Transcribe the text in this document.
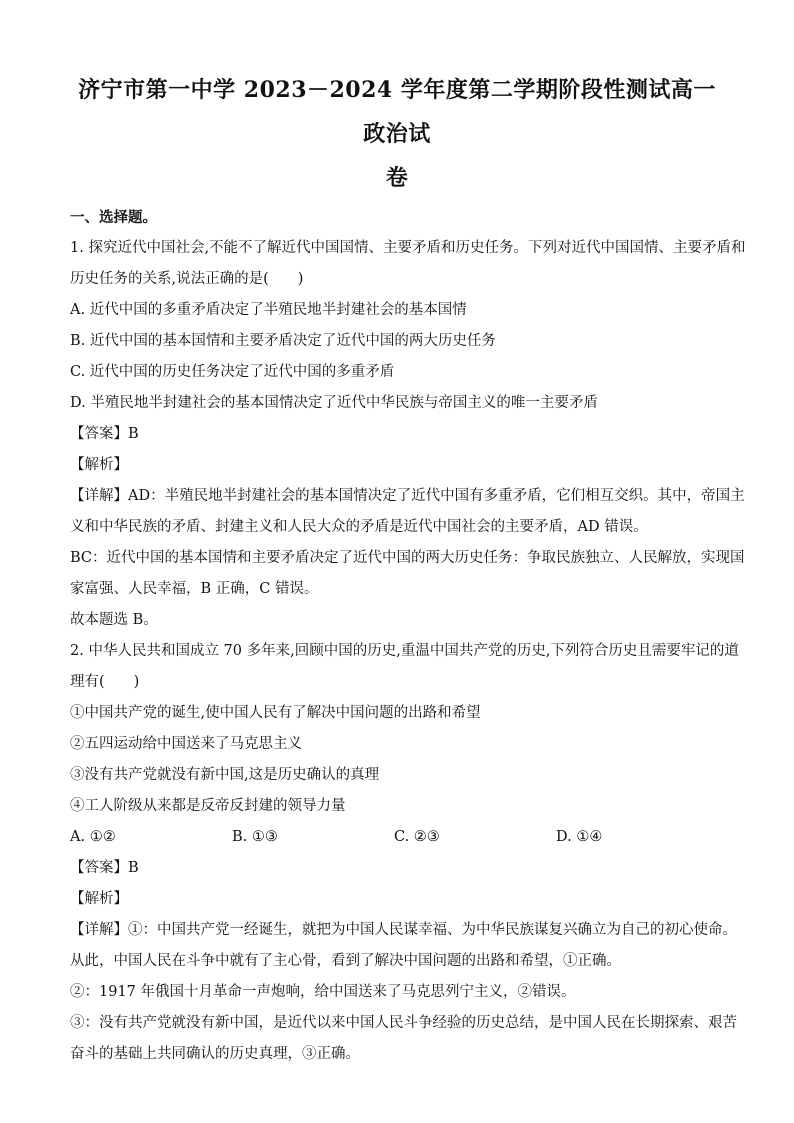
济宁市第一中学 2023－2024 学年度第二学期阶段性测试高一政治试
卷

一、选择题。

1. 探究近代中国社会,不能不了解近代中国国情、主要矛盾和历史任务。下列对近代中国国情、主要矛盾和

历史任务的关系,说法正确的是(　　)

A. 近代中国的多重矛盾决定了半殖民地半封建社会的基本国情

B. 近代中国的基本国情和主要矛盾决定了近代中国的两大历史任务

C. 近代中国的历史任务决定了近代中国的多重矛盾

D. 半殖民地半封建社会的基本国情决定了近代中华民族与帝国主义的唯一主要矛盾

【答案】B

【解析】

【详解】AD：半殖民地半封建社会的基本国情决定了近代中国有多重矛盾，它们相互交织。其中，帝国主

义和中华民族的矛盾、封建主义和人民大众的矛盾是近代中国社会的主要矛盾，AD 错误。

BC：近代中国的基本国情和主要矛盾决定了近代中国的两大历史任务：争取民族独立、人民解放，实现国

家富强、人民幸福，B 正确，C 错误。

故本题选 B。

2. 中华人民共和国成立 70 多年来,回顾中国的历史,重温中国共产党的历史,下列符合历史且需要牢记的道

理有(　　)

①中国共产党的诞生,使中国人民有了解决中国问题的出路和希望

②五四运动给中国送来了马克思主义

③没有共产党就没有新中国,这是历史确认的真理

④工人阶级从来都是反帝反封建的领导力量

A. ①②	B. ①③	C. ②③	D. ①④

【答案】B

【解析】

【详解】①：中国共产党一经诞生，就把为中国人民谋幸福、为中华民族谋复兴确立为自己的初心使命。

从此，中国人民在斗争中就有了主心骨，看到了解决中国问题的出路和希望，①正确。

②：1917 年俄国十月革命一声炮响，给中国送来了马克思列宁主义，②错误。

③：没有共产党就没有新中国，是近代以来中国人民斗争经验的历史总结，是中国人民在长期探索、艰苦

奋斗的基础上共同确认的历史真理，③正确。
